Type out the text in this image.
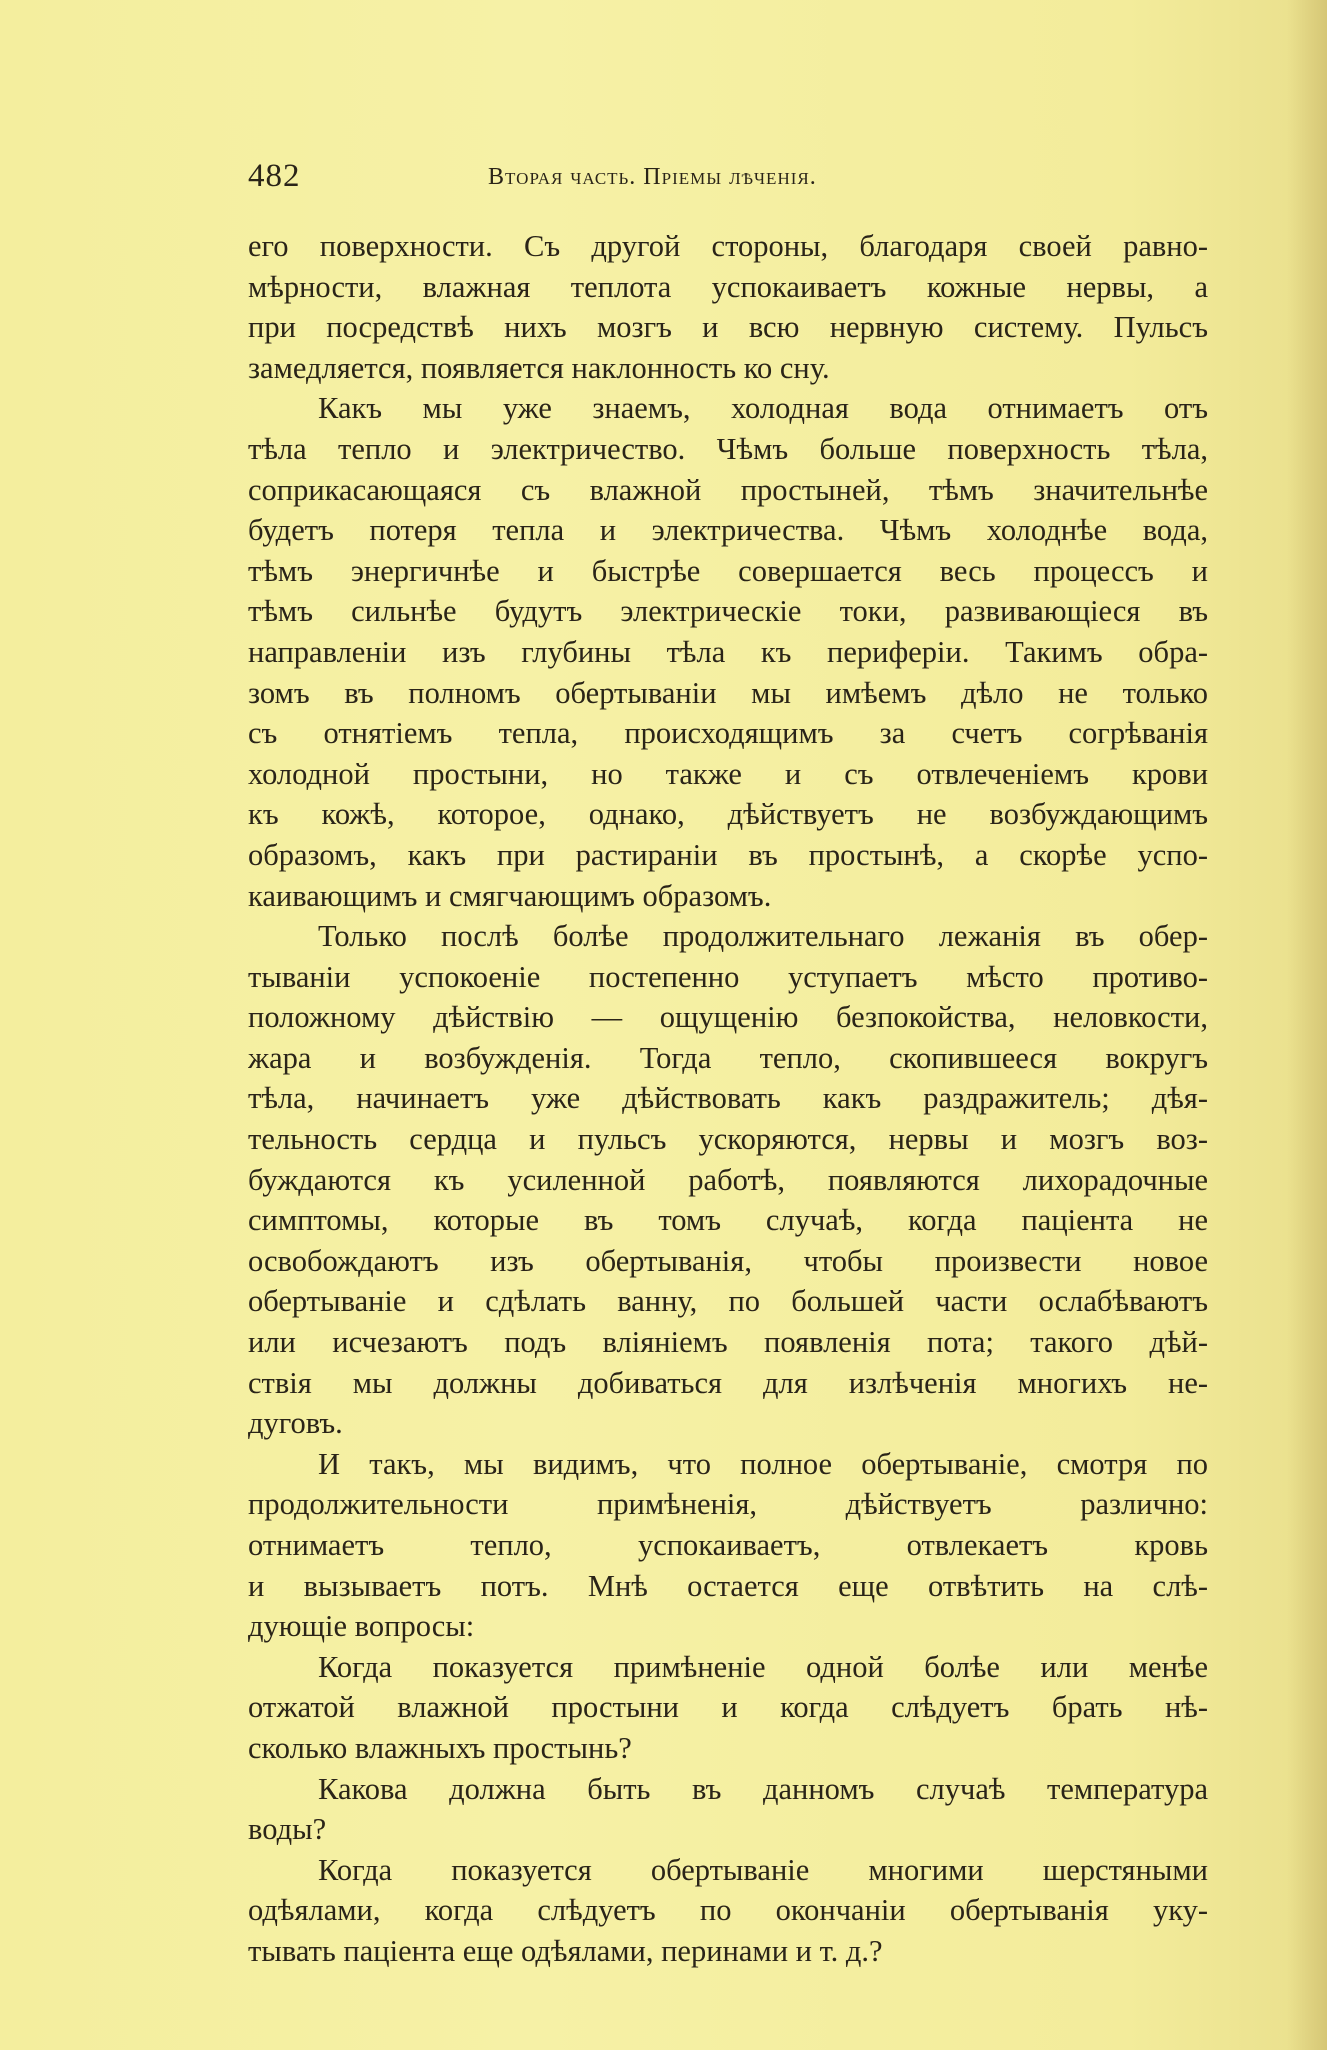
482	Вторая часть. Пріемы лѣченія.
его поверхности. Съ другой стороны, благодаря своей равно-
мѣрности, влажная теплота успокаиваетъ кожные нервы, а
при посредствѣ нихъ мозгъ и всю нервную систему. Пульсъ
замедляется, появляется наклонность ко сну.
Какъ мы уже знаемъ, холодная вода отнимаетъ отъ
тѣла тепло и электричество. Чѣмъ больше поверхность тѣла,
соприкасающаяся съ влажной простыней, тѣмъ значительнѣе
будетъ потеря тепла и электричества. Чѣмъ холоднѣе вода,
тѣмъ энергичнѣе и быстрѣе совершается весь процессъ и
тѣмъ сильнѣе будутъ электрическіе токи, развивающіеся въ
направленіи изъ глубины тѣла къ периферіи. Такимъ обра-
зомъ въ полномъ обертываніи мы имѣемъ дѣло не только
съ отнятіемъ тепла, происходящимъ за счетъ согрѣванія
холодной простыни, но также и съ отвлеченіемъ крови
къ кожѣ, которое, однако, дѣйствуетъ не возбуждающимъ
образомъ, какъ при растираніи въ простынѣ, а скорѣе успо-
каивающимъ и смягчающимъ образомъ.
Только послѣ болѣе продолжительнаго лежанія въ обер-
тываніи успокоеніе постепенно уступаетъ мѣсто противо-
положному дѣйствію — ощущенію безпокойства, неловкости,
жара и возбужденія. Тогда тепло, скопившееся вокругъ
тѣла, начинаетъ уже дѣйствовать какъ раздражитель; дѣя-
тельность сердца и пульсъ ускоряются, нервы и мозгъ воз-
буждаются къ усиленной работѣ, появляются лихорадочные
симптомы, которые въ томъ случаѣ, когда паціента не
освобождаютъ изъ обертыванія, чтобы произвести новое
обертываніе и сдѣлать ванну, по большей части ослабѣваютъ
или исчезаютъ подъ вліяніемъ появленія пота; такого дѣй-
ствія мы должны добиваться для излѣченія многихъ не-
дуговъ.
И такъ, мы видимъ, что полное обертываніе, смотря по
продолжительности примѣненія, дѣйствуетъ различно:
отнимаетъ тепло, успокаиваетъ, отвлекаетъ кровь
и вызываетъ потъ. Мнѣ остается еще отвѣтить на слѣ-
дующіе вопросы:
Когда показуется примѣненіе одной болѣе или менѣе
отжатой влажной простыни и когда слѣдуетъ брать нѣ-
сколько влажныхъ простынь?
Какова должна быть въ данномъ случаѣ температура
воды?
Когда показуется обертываніе многими шерстяными
одѣялами, когда слѣдуетъ по окончаніи обертыванія уку-
тывать паціента еще одѣялами, перинами и т. д.?
